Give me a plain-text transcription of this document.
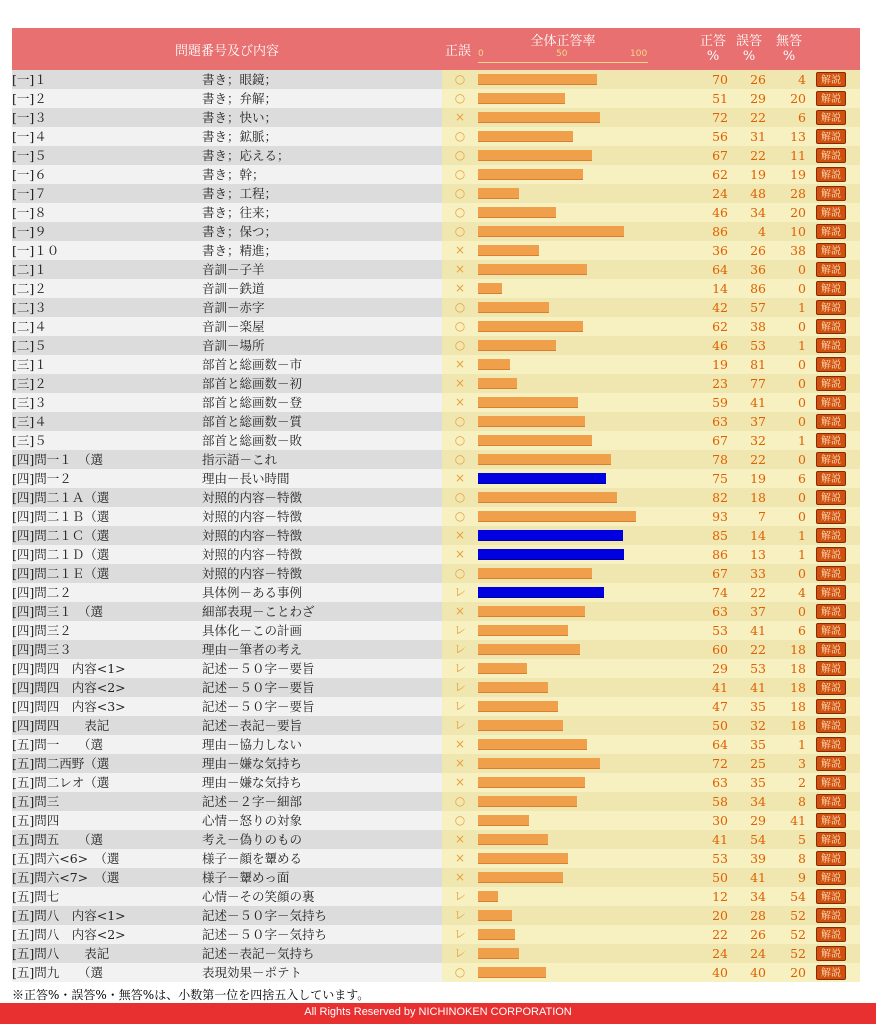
問題番号及び内容	正誤
全体正答率
0	50	100
正答
%
誤答
%
無答
%
[一]１	書き；眼鏡；	○	70	26	4	解説
[一]２	書き；弁解；	○	51	29	20	解説
[一]３	書き；快い；	×	72	22	6	解説
[一]４	書き；鉱脈；	○	56	31	13	解説
[一]５	書き；応える；	○	67	22	11	解説
[一]６	書き；幹；	○	62	19	19	解説
[一]７	書き；工程；	○	24	48	28	解説
[一]８	書き；往来；	○	46	34	20	解説
[一]９	書き；保つ；	○	86	4	10	解説
[一]１０	書き；精進；	×	36	26	38	解説
[二]１	音訓－子羊	×	64	36	0	解説
[二]２	音訓－鉄道	×	14	86	0	解説
[二]３	音訓－赤字	○	42	57	1	解説
[二]４	音訓－楽屋	○	62	38	0	解説
[二]５	音訓－場所	○	46	53	1	解説
[三]１	部首と総画数－市	×	19	81	0	解説
[三]２	部首と総画数－初	×	23	77	0	解説
[三]３	部首と総画数－登	×	59	41	0	解説
[三]４	部首と総画数－質	○	63	37	0	解説
[三]５	部首と総画数－敗	○	67	32	1	解説
[四]問一１　（選	指示語－これ	○	78	22	0	解説
[四]問一２	理由－長い時間	×	75	19	6	解説
[四]問二１Ａ（選	対照的内容－特徴	○	82	18	0	解説
[四]問二１Ｂ（選	対照的内容－特徴	○	93	7	0	解説
[四]問二１Ｃ（選	対照的内容－特徴	×	85	14	1	解説
[四]問二１Ｄ（選	対照的内容－特徴	×	86	13	1	解説
[四]問二１Ｅ（選	対照的内容－特徴	○	67	33	0	解説
[四]問二２	具体例－ある事例	レ	74	22	4	解説
[四]問三１　（選	細部表現－ことわざ	×	63	37	0	解説
[四]問三２	具体化－この計画	レ	53	41	6	解説
[四]問三３	理由－筆者の考え	レ	60	22	18	解説
[四]問四　内容<1>	記述－５０字－要旨	レ	29	53	18	解説
[四]問四　内容<2>	記述－５０字－要旨	レ	41	41	18	解説
[四]問四　内容<3>	記述－５０字－要旨	レ	47	35	18	解説
[四]問四　　表記	記述－表記－要旨	レ	50	32	18	解説
[五]問一　　（選	理由－協力しない	×	64	35	1	解説
[五]問二西野（選	理由－嫌な気持ち	×	72	25	3	解説
[五]問二レオ（選	理由－嫌な気持ち	×	63	35	2	解説
[五]問三	記述－２字－細部	○	58	34	8	解説
[五]問四	心情－怒りの対象	○	30	29	41	解説
[五]問五　　（選	考え－偽りのもの	×	41	54	5	解説
[五]問六<6>　（選	様子－顔を顰める	×	53	39	8	解説
[五]問六<7>　（選	様子－顰めっ面	×	50	41	9	解説
[五]問七	心情－その笑顔の裏	レ	12	34	54	解説
[五]問八　内容<1>	記述－５０字－気持ち	レ	20	28	52	解説
[五]問八　内容<2>	記述－５０字－気持ち	レ	22	26	52	解説
[五]問八　　表記	記述－表記－気持ち	レ	24	24	52	解説
[五]問九　　（選	表現効果－ポテト	○	40	40	20	解説
※正答%・誤答%・無答%は、小数第一位を四捨五入しています。
All Rights Reserved by NICHINOKEN CORPORATION
